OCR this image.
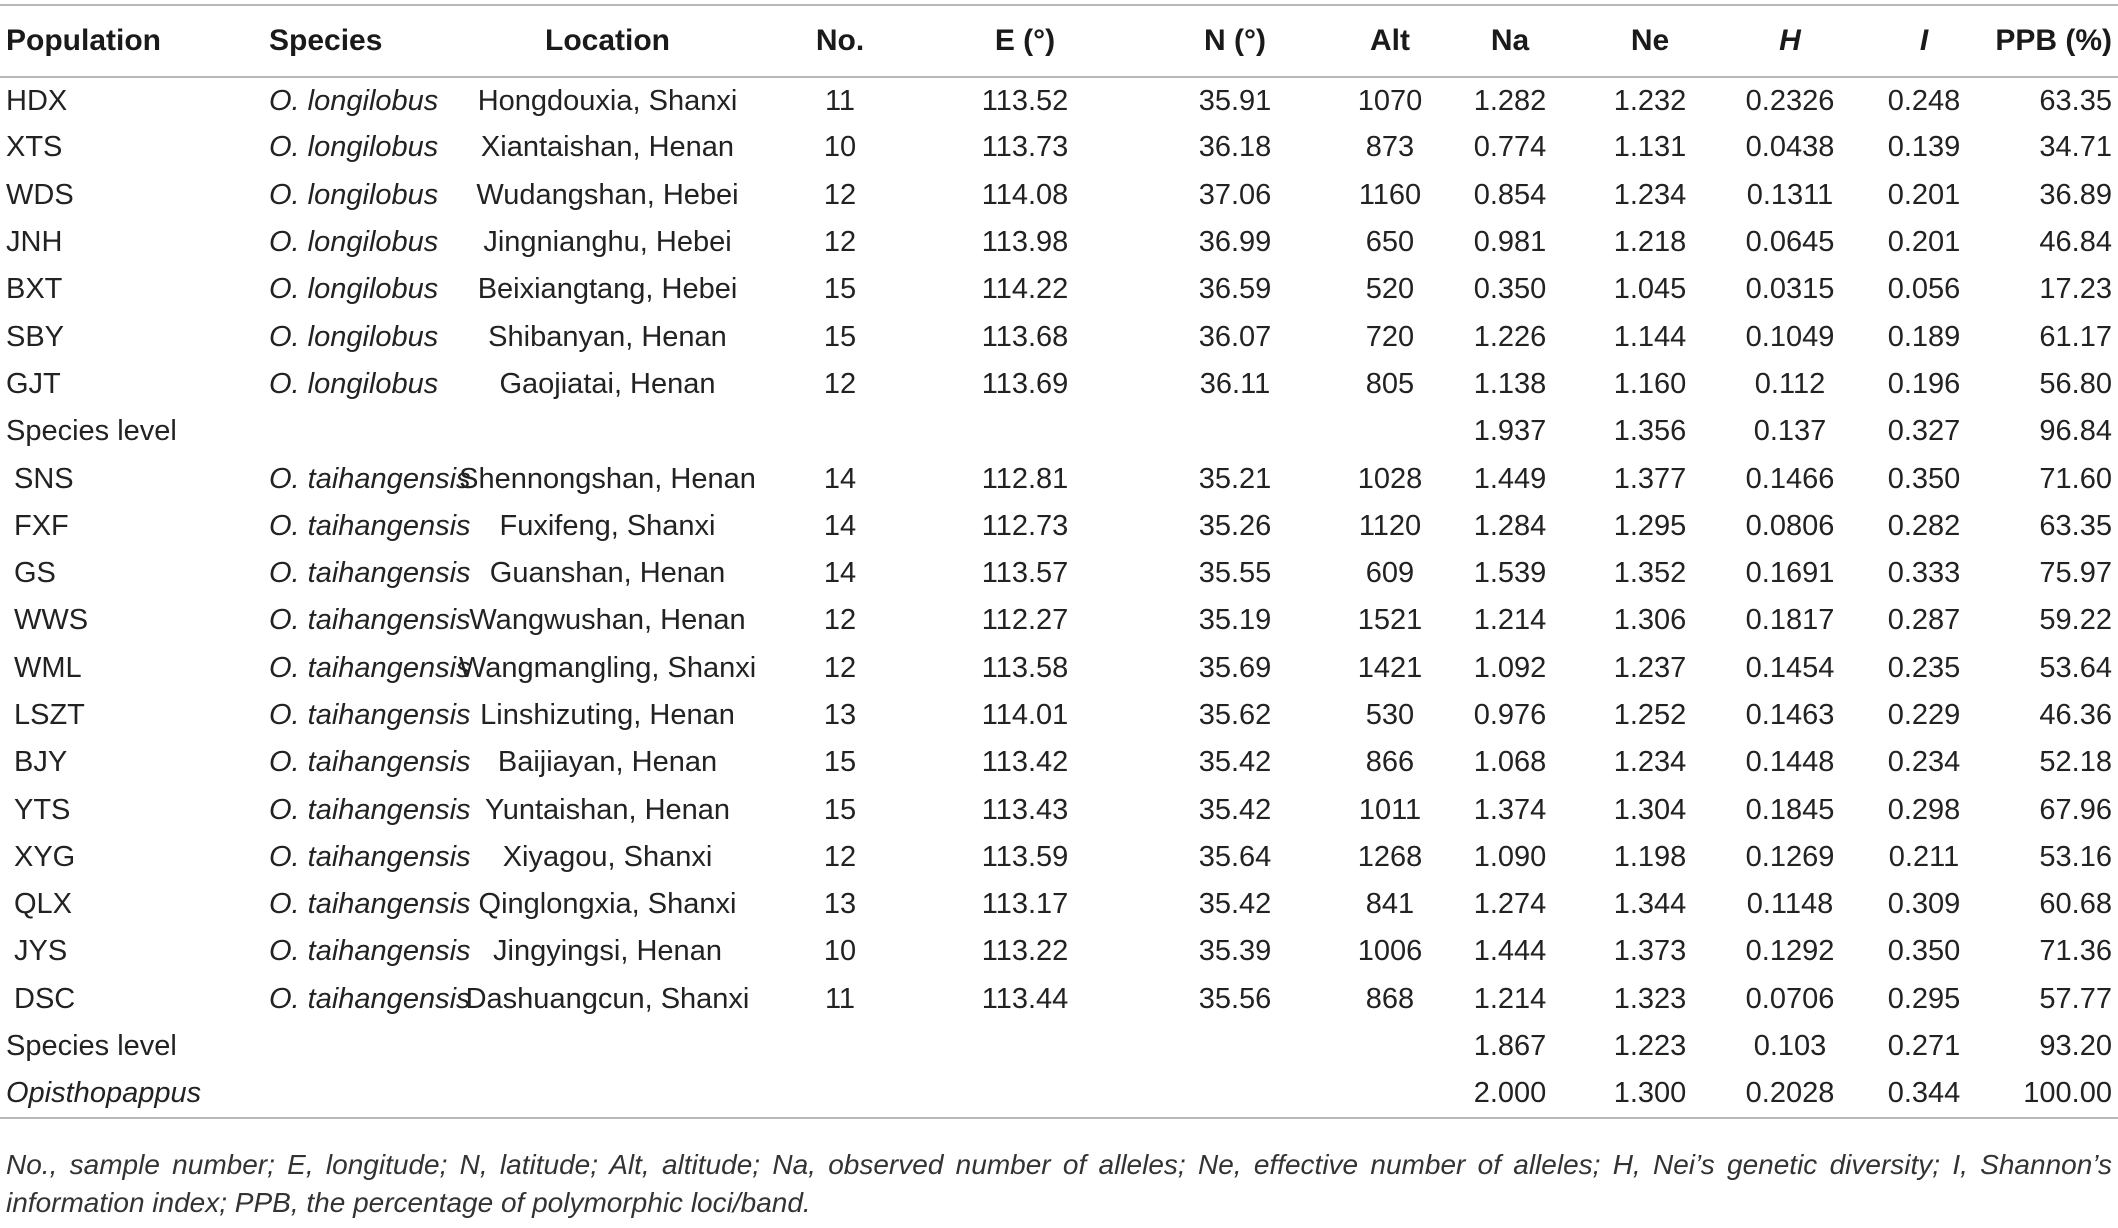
Population	Species	Location	No.	E (°)	N (°)	Alt	Na	Ne	H	I	PPB (%)
HDX	O. longilobus	Hongdouxia, Shanxi	11	113.52	35.91	1070	1.282	1.232	0.2326	0.248	63.35
XTS	O. longilobus	Xiantaishan, Henan	10	113.73	36.18	873	0.774	1.131	0.0438	0.139	34.71
WDS	O. longilobus	Wudangshan, Hebei	12	114.08	37.06	1160	0.854	1.234	0.1311	0.201	36.89
JNH	O. longilobus	Jingnianghu, Hebei	12	113.98	36.99	650	0.981	1.218	0.0645	0.201	46.84
BXT	O. longilobus	Beixiangtang, Hebei	15	114.22	36.59	520	0.350	1.045	0.0315	0.056	17.23
SBY	O. longilobus	Shibanyan, Henan	15	113.68	36.07	720	1.226	1.144	0.1049	0.189	61.17
GJT	O. longilobus	Gaojiatai, Henan	12	113.69	36.11	805	1.138	1.160	0.112	0.196	56.80
Species level							1.937	1.356	0.137	0.327	96.84
SNS	O. taihangensis	Shennongshan, Henan	14	112.81	35.21	1028	1.449	1.377	0.1466	0.350	71.60
FXF	O. taihangensis	Fuxifeng, Shanxi	14	112.73	35.26	1120	1.284	1.295	0.0806	0.282	63.35
GS	O. taihangensis	Guanshan, Henan	14	113.57	35.55	609	1.539	1.352	0.1691	0.333	75.97
WWS	O. taihangensis	Wangwushan, Henan	12	112.27	35.19	1521	1.214	1.306	0.1817	0.287	59.22
WML	O. taihangensis	Wangmangling, Shanxi	12	113.58	35.69	1421	1.092	1.237	0.1454	0.235	53.64
LSZT	O. taihangensis	Linshizuting, Henan	13	114.01	35.62	530	0.976	1.252	0.1463	0.229	46.36
BJY	O. taihangensis	Baijiayan, Henan	15	113.42	35.42	866	1.068	1.234	0.1448	0.234	52.18
YTS	O. taihangensis	Yuntaishan, Henan	15	113.43	35.42	1011	1.374	1.304	0.1845	0.298	67.96
XYG	O. taihangensis	Xiyagou, Shanxi	12	113.59	35.64	1268	1.090	1.198	0.1269	0.211	53.16
QLX	O. taihangensis	Qinglongxia, Shanxi	13	113.17	35.42	841	1.274	1.344	0.1148	0.309	60.68
JYS	O. taihangensis	Jingyingsi, Henan	10	113.22	35.39	1006	1.444	1.373	0.1292	0.350	71.36
DSC	O. taihangensis	Dashuangcun, Shanxi	11	113.44	35.56	868	1.214	1.323	0.0706	0.295	57.77
Species level							1.867	1.223	0.103	0.271	93.20
Opisthopappus							2.000	1.300	0.2028	0.344	100.00
No., sample number; E, longitude; N, latitude; Alt, altitude; Na, observed number of alleles; Ne, effective number of alleles; H, Nei’s genetic diversity; I, Shannon’s information index; PPB, the percentage of polymorphic loci/band.
